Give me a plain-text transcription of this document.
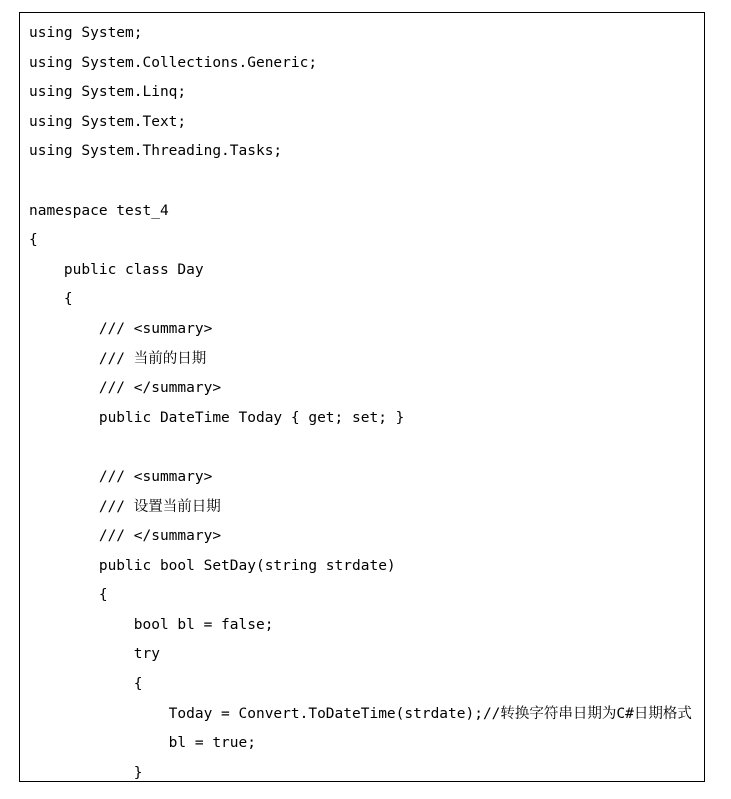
using System;
using System.Collections.Generic;
using System.Linq;
using System.Text;
using System.Threading.Tasks;
namespace test_4
{
public class Day
{
/// <summary>
/// 当前的日期
/// </summary>
public DateTime Today { get; set; }
/// <summary>
/// 设置当前日期
/// </summary>
public bool SetDay(string strdate)
{
bool bl = false;
try
{
Today = Convert.ToDateTime(strdate);//转换字符串日期为C#日期格式
bl = true;
}
